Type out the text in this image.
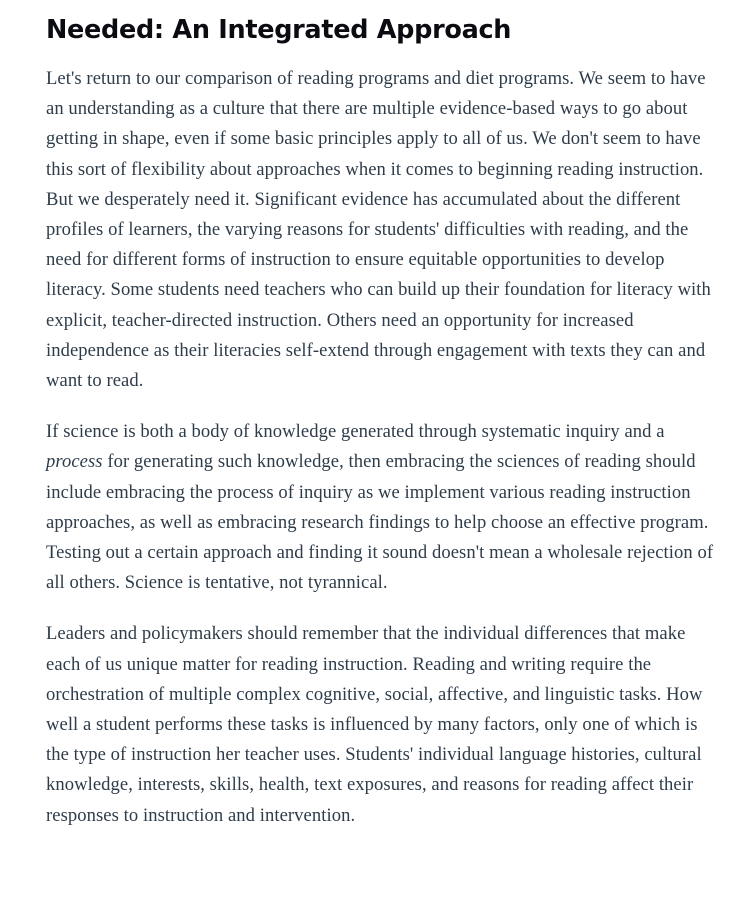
Needed: An Integrated Approach

Let's return to our comparison of reading programs and diet programs. We seem to have an understanding as a culture that there are multiple evidence-based ways to go about getting in shape, even if some basic principles apply to all of us. We don't seem to have this sort of flexibility about approaches when it comes to beginning reading instruction. But we desperately need it. Significant evidence has accumulated about the different profiles of learners, the varying reasons for students' difficulties with reading, and the need for different forms of instruction to ensure equitable opportunities to develop literacy. Some students need teachers who can build up their foundation for literacy with explicit, teacher-directed instruction. Others need an opportunity for increased independence as their literacies self-extend through engagement with texts they can and want to read.

If science is both a body of knowledge generated through systematic inquiry and a process for generating such knowledge, then embracing the sciences of reading should include embracing the process of inquiry as we implement various reading instruction approaches, as well as embracing research findings to help choose an effective program. Testing out a certain approach and finding it sound doesn't mean a wholesale rejection of all others. Science is tentative, not tyrannical.

Leaders and policymakers should remember that the individual differences that make each of us unique matter for reading instruction. Reading and writing require the orchestration of multiple complex cognitive, social, affective, and linguistic tasks. How well a student performs these tasks is influenced by many factors, only one of which is the type of instruction her teacher uses. Students' individual language histories, cultural knowledge, interests, skills, health, text exposures, and reasons for reading affect their responses to instruction and intervention.
